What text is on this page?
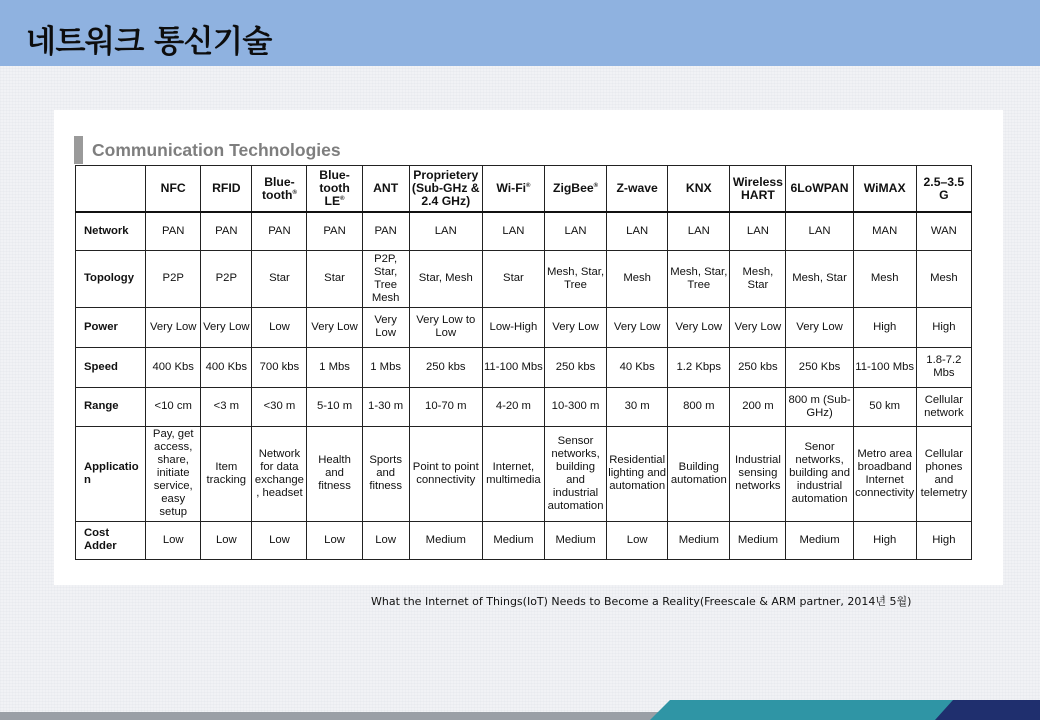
네트워크 통신기술
Communication Technologies
	NFC	RFID	Blue-tooth®	Blue-tooth LE®	ANT	Proprietery (Sub-GHz & 2.4 GHz)	Wi-Fi®	ZigBee®	Z-wave	KNX	Wireless HART	6LoWPAN	WiMAX	2.5–3.5 G
Network	PAN	PAN	PAN	PAN	PAN	LAN	LAN	LAN	LAN	LAN	LAN	LAN	MAN	WAN
Topology	P2P	P2P	Star	Star	P2P, Star, Tree Mesh	Star, Mesh	Star	Mesh, Star, Tree	Mesh	Mesh, Star, Tree	Mesh, Star	Mesh, Star	Mesh	Mesh
Power	Very Low	Very Low	Low	Very Low	Very Low	Very Low to Low	Low-High	Very Low	Very Low	Very Low	Very Low	Very Low	High	High
Speed	400 Kbs	400 Kbs	700 kbs	1 Mbs	1 Mbs	250 kbs	11-100 Mbs	250 kbs	40 Kbs	1.2 Kbps	250 kbs	250 Kbs	11-100 Mbs	1.8-7.2 Mbs
Range	<10 cm	<3 m	<30 m	5-10 m	1-30 m	10-70 m	4-20 m	10-300 m	30 m	800 m	200 m	800 m (Sub-GHz)	50 km	Cellular network
Application	Pay, get access, share, initiate service, easy setup	Item tracking	Network for data exchange, headset	Health and fitness	Sports and fitness	Point to point connectivity	Internet, multimedia	Sensor networks, building and industrial automation	Residential lighting and automation	Building automation	Industrial sensing networks	Senor networks, building and industrial automation	Metro area broadband Internet connectivity	Cellular phones and telemetry
Cost Adder	Low	Low	Low	Low	Low	Medium	Medium	Medium	Low	Medium	Medium	Medium	High	High
What the Internet of Things(IoT) Needs to Become a Reality(Freescale & ARM partner, 2014년 5월)
